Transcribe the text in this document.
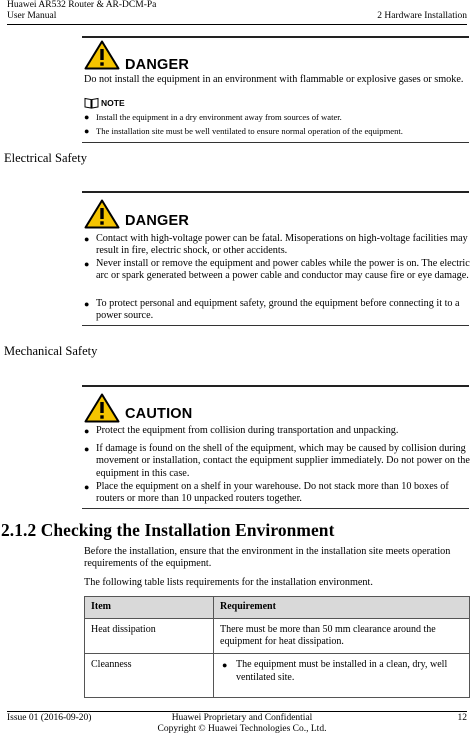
Huawei AR532 Router & AR-DCM-Pa
User Manual	2 Hardware Installation
DANGER
Do not install the equipment in an environment with flammable or explosive gases or smoke.
NOTE
● Install the equipment in a dry environment away from sources of water.
● The installation site must be well ventilated to ensure normal operation of the equipment.
Electrical Safety
DANGER
● Contact with high-voltage power can be fatal. Misoperations on high-voltage facilities may result in fire, electric shock, or other accidents.
● Never install or remove the equipment and power cables while the power is on. The electric arc or spark generated between a power cable and conductor may cause fire or eye damage.
● To protect personal and equipment safety, ground the equipment before connecting it to a power source.
Mechanical Safety
CAUTION
● Protect the equipment from collision during transportation and unpacking.
● If damage is found on the shell of the equipment, which may be caused by collision during movement or installation, contact the equipment supplier immediately. Do not power on the equipment in this case.
● Place the equipment on a shelf in your warehouse. Do not stack more than 10 boxes of routers or more than 10 unpacked routers together.
2.1.2 Checking the Installation Environment
Before the installation, ensure that the environment in the installation site meets operation requirements of the equipment.
The following table lists requirements for the installation environment.
Item	Requirement
Heat dissipation	There must be more than 50 mm clearance around the equipment for heat dissipation.
Cleanness	● The equipment must be installed in a clean, dry, well ventilated site.
Issue 01 (2016-09-20)	Huawei Proprietary and Confidential
Copyright © Huawei Technologies Co., Ltd.
12
